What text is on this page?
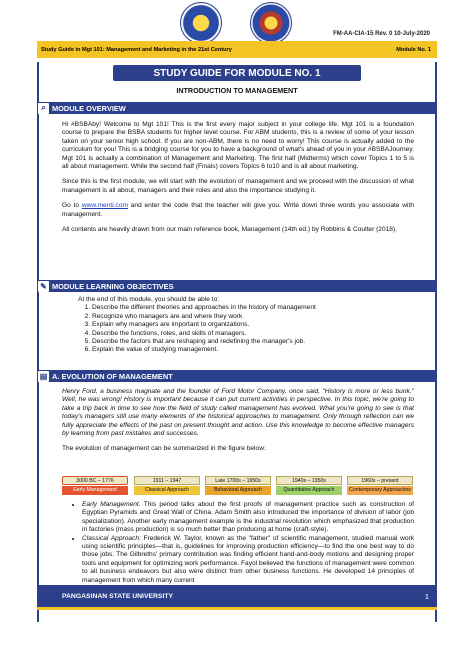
FM-AA-CIA-15 Rev. 0 10-July-2020
Study Guide in Mgt 101: Management and Marketing in the 21st Century	Module No. 1
STUDY GUIDE FOR MODULE NO. 1
INTRODUCTION TO MANAGEMENT
⌕ MODULE OVERVIEW

Hi #BSBAby! Welcome to Mgt 101! This is the first every major subject in your college life. Mgt 101 is a foundation course to prepare the BSBA students for higher level course. For ABM students, this is a review of some of your lesson taken on your senior high school. If you are non-ABM, there is no need to worry! This course is actually added to the curriculum for you! This is a bridging course for you to have a background of what's ahead of you in your #BSBAJourney. Mgt 101 is actually a combination of Management and Marketing. The first half (Midterms) which cover Topics 1 to 5 is all about management. While the second half (Finals) covers Topics 6 to10 and is all about marketing.

Since this is the first module, we will start with the evolution of management and we proceed with the discussion of what management is all about, managers and their roles and also the importance studying it.

Go to www.menti.com and enter the code that the teacher will give you. Write down three words you associate with management.

All contents are heavily drawn from our main reference book, Management (14th ed.) by Robbins & Coulter (2018).

✎ MODULE LEARNING OBJECTIVES
At the end of this module, you should be able to:
1. Describe the different theories and approaches in the history of management
2. Recognize who managers are and where they work
3. Explain why managers are important to organizations.
4. Describe the functions, roles, and skills of managers.
5. Describe the factors that are reshaping and redefining the manager's job.
6. Explain the value of studying management.
▤ A. EVOLUTION OF MANAGEMENT

Henry Ford, a business magnate and the founder of Ford Motor Company, once said, "History is more or less bunk." Well, he was wrong! History is important because it can put current activities in perspective. In this topic, we're going to take a trip back in time to see how the field of study called management has evolved. What you're going to see is that today's managers still use many elements of the historical approaches to management. Only through reflection can we fully appreciate the effects of the past on present thought and action. Use this knowledge to become effective managers by learning from past mistakes and successes.

The evolution of management can be summarized in the figure below:

3000 BC – 1776
Early Management
1911 – 1947
Classical Approach
Late 1700s – 1950s
Behavioral Approach
1940s – 1950s
Quantitative Approach
1960s – present
Contemporary Approaches
• Early Management. This period talks about the first proofs of management practice such as construction of Egyptian Pyramids and Great Wall of China. Adam Smith also introduced the importance of division of labor (job specialization). Another early management example is the industrial revolution which emphasized that production in factories (mass production) is so much better than producing at home (craft-style).
• Classical Approach: Frederick W. Taylor, known as the "father" of scientific management, studied manual work using scientific principles—that is, guidelines for improving production efficiency—to find the one best way to do those jobs. The Gilbreths' primary contribution was finding efficient hand-and-body motions and designing proper tools and equipment for optimizing work performance. Fayol believed the functions of management were common to all business endeavors but also were distinct from other business functions. He developed 14 principles of management from which many current
PANGASINAN STATE UNIVERSITY	1
